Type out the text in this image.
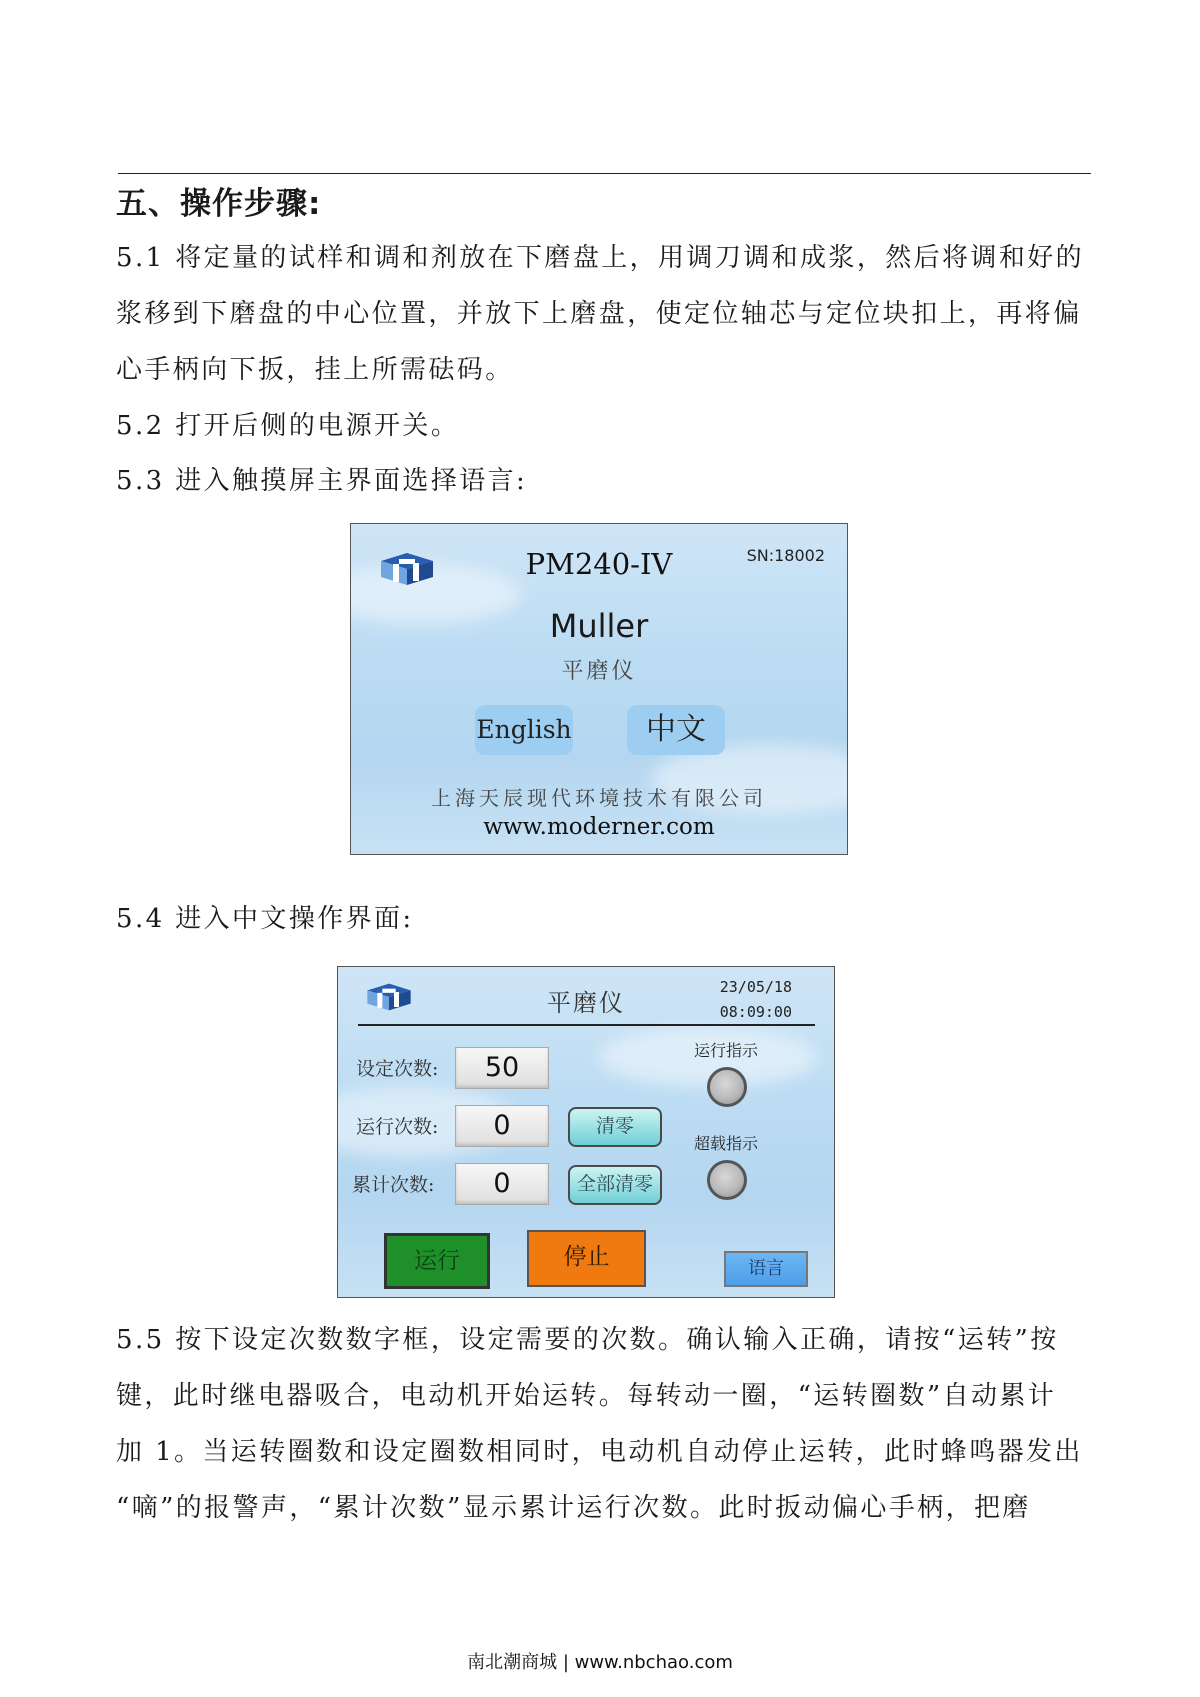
五、操作步骤:

5.1 将定量的试样和调和剂放在下磨盘上，用调刀调和成浆，然后将调和好的
浆移到下磨盘的中心位置，并放下上磨盘，使定位轴芯与定位块扣上，再将偏
心手柄向下扳，挂上所需砝码。

5.2 打开后侧的电源开关。

5.3 进入触摸屏主界面选择语言:

PM240-IV	SN:18002
Muller
平磨仪
English	中文
上海天辰现代环境技术有限公司
www.moderner.com

5.4 进入中文操作界面:

平磨仪
23/05/18
08:09:00
设定次数:	50
运行次数:	0	清零
累计次数:	0	全部清零
运行指示
超载指示
运行	停止	语言

5.5 按下设定次数数字框，设定需要的次数。确认输入正确，请按“运转”按
键，此时继电器吸合，电动机开始运转。每转动一圈，“运转圈数”自动累计
加 1。当运转圈数和设定圈数相同时，电动机自动停止运转，此时蜂鸣器发出
“嘀”的报警声，“累计次数”显示累计运行次数。此时扳动偏心手柄，把磨

南北潮商城 | www.nbchao.com
